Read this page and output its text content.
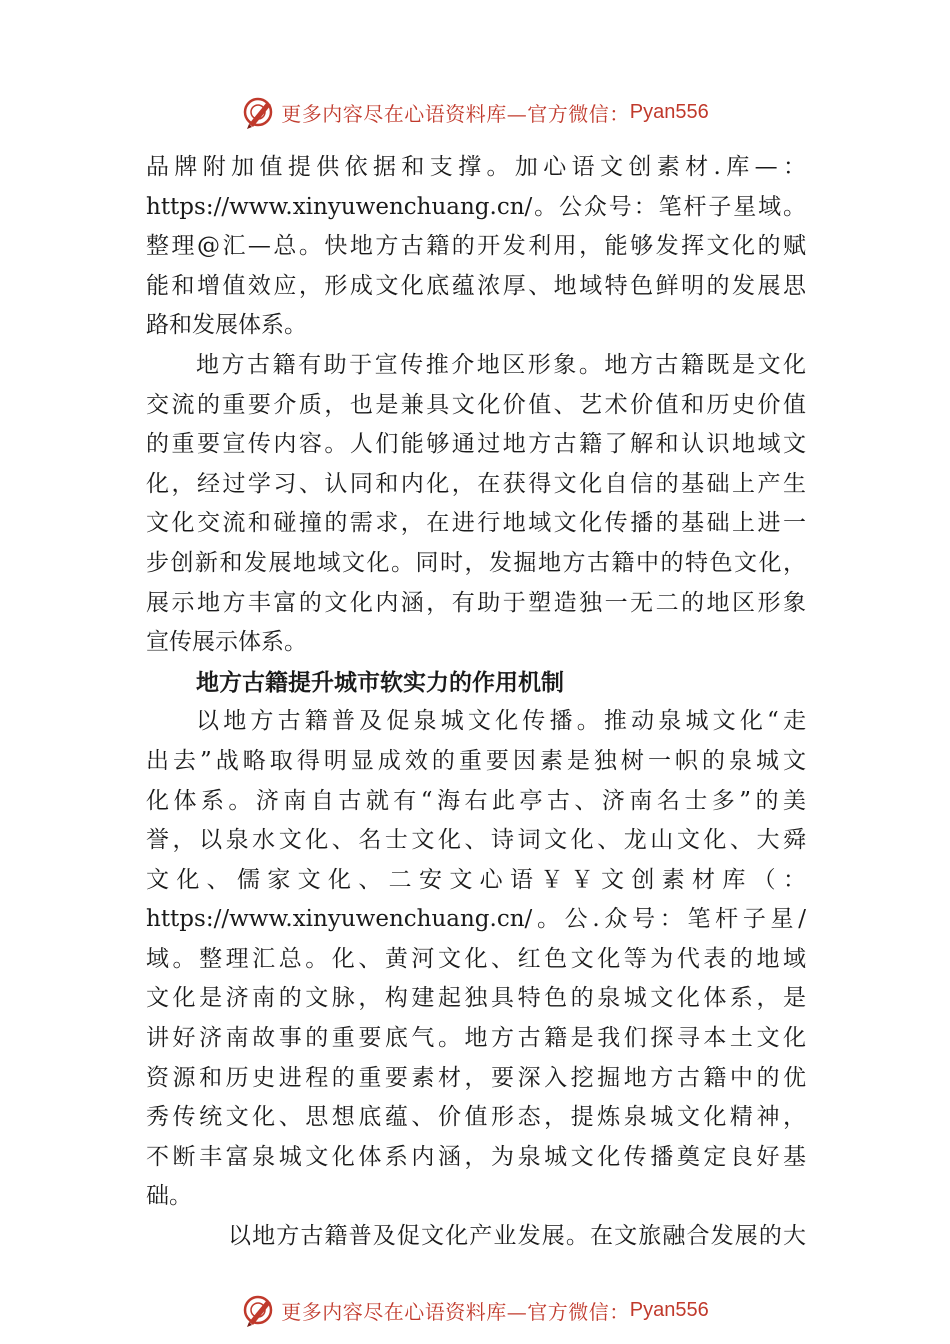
更多内容尽在心语资料库—官方微信： Pyan556
品牌附加值提供依据和支撑。加心语文创素材.库—：
https://www.xinyuwenchuang.cn/。公众号：笔杆子星域。
整理@汇—总。快地方古籍的开发利用，能够发挥文化的赋
能和增值效应，形成文化底蕴浓厚、地域特色鲜明的发展思
路和发展体系。
地方古籍有助于宣传推介地区形象。地方古籍既是文化
交流的重要介质，也是兼具文化价值、艺术价值和历史价值
的重要宣传内容。人们能够通过地方古籍了解和认识地域文
化，经过学习、认同和内化，在获得文化自信的基础上产生
文化交流和碰撞的需求，在进行地域文化传播的基础上进一
步创新和发展地域文化。同时，发掘地方古籍中的特色文化，
展示地方丰富的文化内涵，有助于塑造独一无二的地区形象
宣传展示体系。
地方古籍提升城市软实力的作用机制
以地方古籍普及促泉城文化传播。推动泉城文化“走
出去”战略取得明显成效的重要因素是独树一帜的泉城文
化体系。济南自古就有“海右此亭古、济南名士多”的美
誉，以泉水文化、名士文化、诗词文化、龙山文化、大舜
文化、儒家文化、二安文心语￥￥文创素材库（：
https://www.xinyuwenchuang.cn/。公.众号：笔杆子星/
域。整理汇总。化、黄河文化、红色文化等为代表的地域
文化是济南的文脉，构建起独具特色的泉城文化体系，是
讲好济南故事的重要底气。地方古籍是我们探寻本土文化
资源和历史进程的重要素材，要深入挖掘地方古籍中的优
秀传统文化、思想底蕴、价值形态，提炼泉城文化精神，
不断丰富泉城文化体系内涵，为泉城文化传播奠定良好基
础。
以地方古籍普及促文化产业发展。在文旅融合发展的大
更多内容尽在心语资料库—官方微信： Pyan556
